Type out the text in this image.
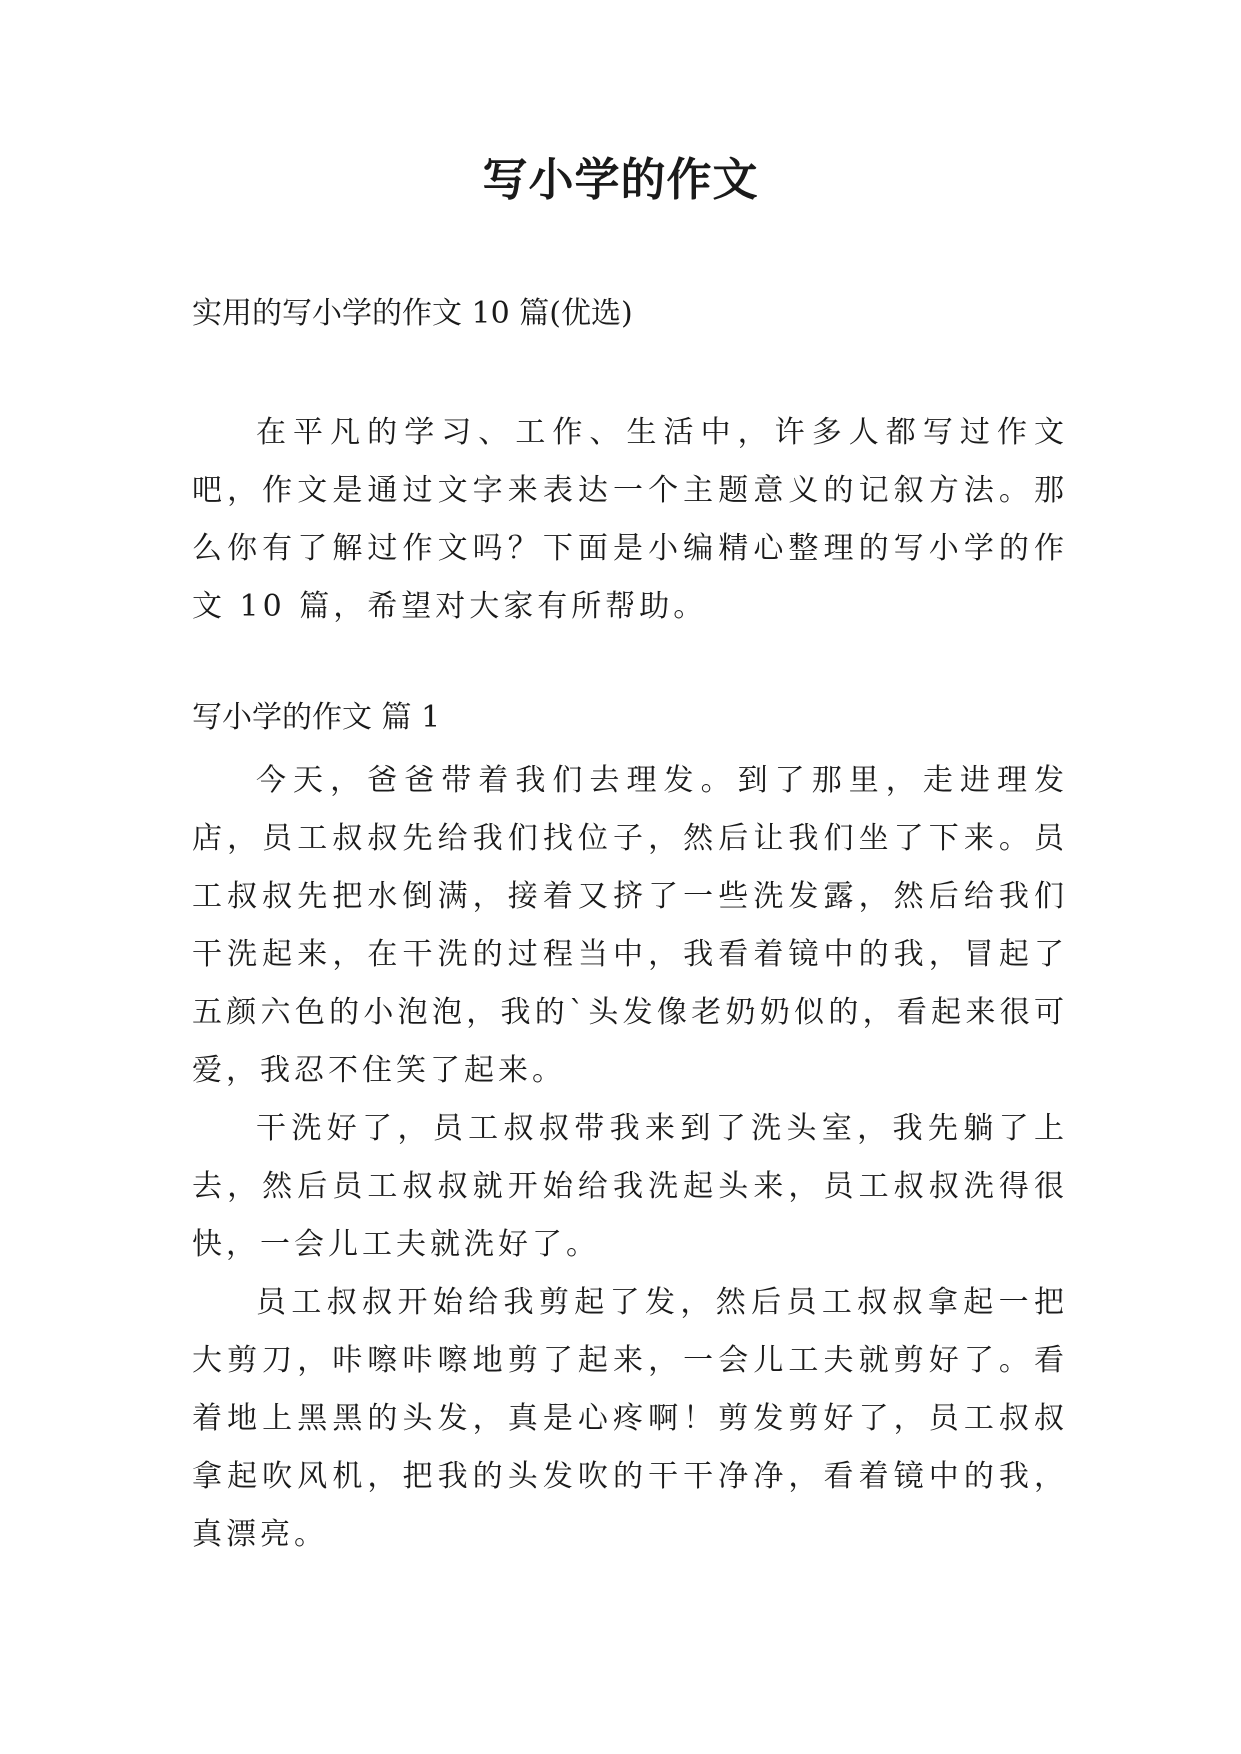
写小学的作文
实用的写小学的作文 10 篇(优选)

在平凡的学习、工作、生活中，许多人都写过作文吧，作文是通过文字来表达一个主题意义的记叙方法。那么你有了解过作文吗？下面是小编精心整理的写小学的作文 10 篇，希望对大家有所帮助。

写小学的作文 篇 1

今天，爸爸带着我们去理发。到了那里，走进理发店，员工叔叔先给我们找位子，然后让我们坐了下来。员工叔叔先把水倒满，接着又挤了一些洗发露，然后给我们干洗起来，在干洗的过程当中，我看着镜中的我，冒起了五颜六色的小泡泡，我的`头发像老奶奶似的，看起来很可爱，我忍不住笑了起来。

干洗好了，员工叔叔带我来到了洗头室，我先躺了上去，然后员工叔叔就开始给我洗起头来，员工叔叔洗得很快，一会儿工夫就洗好了。

员工叔叔开始给我剪起了发，然后员工叔叔拿起一把大剪刀，咔嚓咔嚓地剪了起来，一会儿工夫就剪好了。看着地上黑黑的头发，真是心疼啊！剪发剪好了，员工叔叔拿起吹风机，把我的头发吹的干干净净，看着镜中的我，真漂亮。
